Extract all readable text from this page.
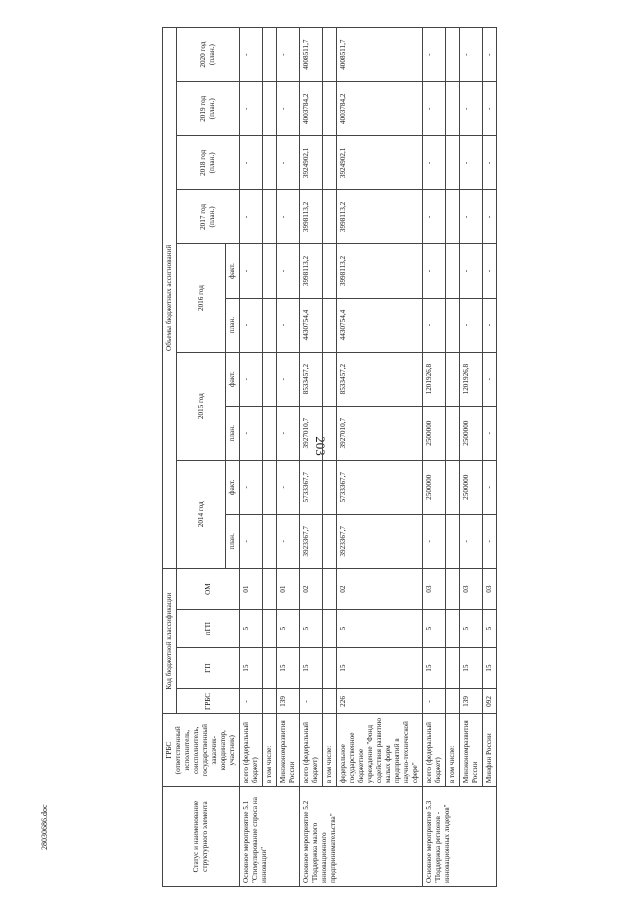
203
28030686.doc	Статус и наименование структурного элемента	ГРБС (ответственный исполнитель, соисполнитель, государственный заказчик-координатор, участник)	Код бюджетной классификации				Объемы бюджетных ассигнований									
		ГРБС	ГП	пГП	ОМ	2014 год		2015 год		2016 год		2017 год (план.)	2018 год (план.)	2019 год (план.)	2020 год (план.)
						план.	факт.	план.	факт.	план.	факт.				
Основное мероприятие 5.1 "Стимулирование спроса на инновации"	всего (федеральный бюджет)	-	15	5	01	-	-	-	-	-	-	-	-	-	-
	в том числе:														
	Минэкономразвития России	139	15	5	01	-	-	-	-	-	-	-	-	-	-
Основное мероприятие 5.2 "Поддержка малого инновационного предпринимательства"	всего (федеральный бюджет)	-	15	5	02	3923367,7	5733367,7	3927010,7	8533457,2	4430754,4	3998113,2	3998113,2	3924902,1	4003784,2	4008511,7
	в том числе:														
	федеральное государственное бюджетное учреждение "Фонд содействия развитию малых форм предприятий в научно-технической сфере"	226	15	5	02	3923367,7	5733367,7	3927010,7	8533457,2	4430754,4	3998113,2	3998113,2	3924902,1	4003784,2	4008511,7
Основное мероприятие 5.3 "Поддержка регионов - инновационных лидеров"	всего (федеральный бюджет)	-	15	5	03	-	2500000	2500000	1201926,8	-	-	-	-	-	-
	в том числе:														
	Минэкономразвития России	139	15	5	03	-	2500000	2500000	1201926,8	-	-	-	-	-	-
	Минфин России	092	15	5	03	-	-	-	-	-	-	-	-	-	-
